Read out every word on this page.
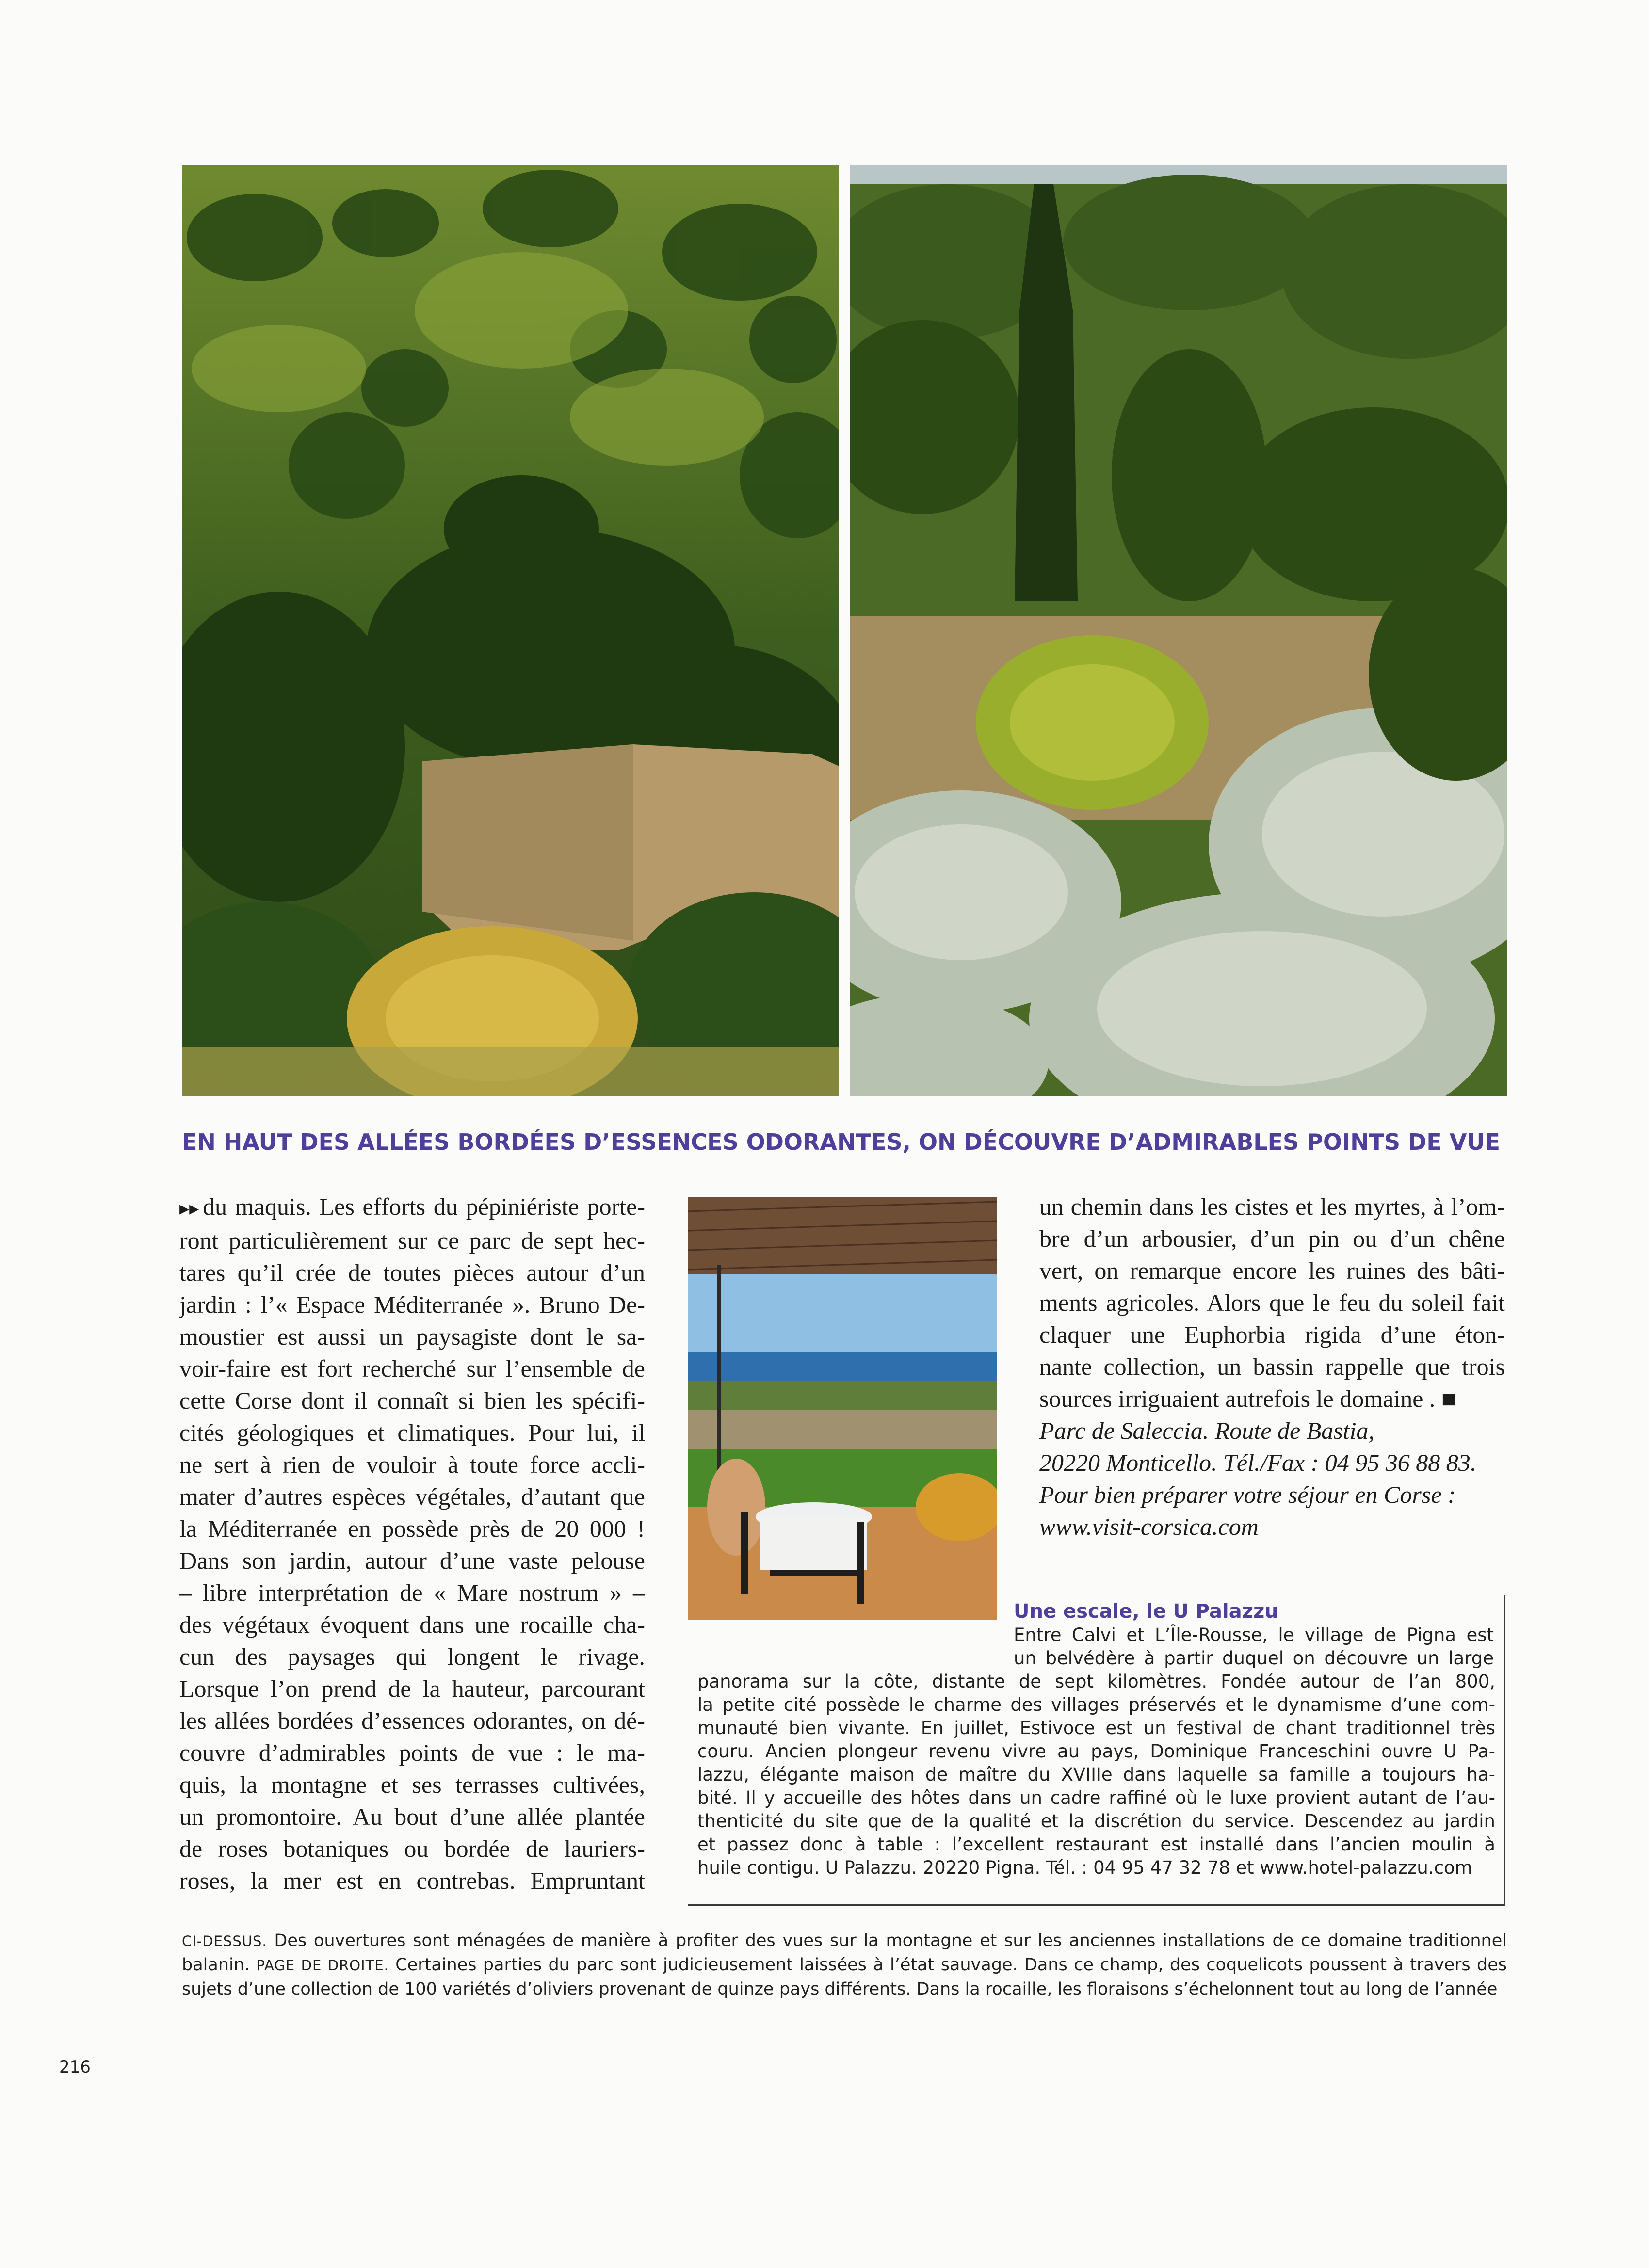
EN HAUT DES ALLÉES BORDÉES D’ESSENCES ODORANTES, ON DÉCOUVRE D’ADMIRABLES POINTS DE VUE
▸▸ du maquis. Les efforts du pépiniériste porte-
ront particulièrement sur ce parc de sept hec-
tares qu’il crée de toutes pièces autour d’un
jardin : l’« Espace Méditerranée ». Bruno De-
moustier est aussi un paysagiste dont le sa-
voir-faire est fort recherché sur l’ensemble de
cette Corse dont il connaît si bien les spécifi-
cités géologiques et climatiques. Pour lui, il
ne sert à rien de vouloir à toute force accli-
mater d’autres espèces végétales, d’autant que
la Méditerranée en possède près de 20 000 !
Dans son jardin, autour d’une vaste pelouse
– libre interprétation de « Mare nostrum » –
des végétaux évoquent dans une rocaille cha-
cun des paysages qui longent le rivage.
Lorsque l’on prend de la hauteur, parcourant
les allées bordées d’essences odorantes, on dé-
couvre d’admirables points de vue : le ma-
quis, la montagne et ses terrasses cultivées,
un promontoire. Au bout d’une allée plantée
de roses botaniques ou bordée de lauriers-
roses, la mer est en contrebas. Empruntant
un chemin dans les cistes et les myrtes, à l’om-
bre d’un arbousier, d’un pin ou d’un chêne
vert, on remarque encore les ruines des bâti-
ments agricoles. Alors que le feu du soleil fait
claquer une Euphorbia rigida d’une éton-
nante collection, un bassin rappelle que trois
sources irriguaient autrefois le domaine . ■
Parc de Saleccia. Route de Bastia,
20220 Monticello. Tél./Fax : 04 95 36 88 83.
Pour bien préparer votre séjour en Corse :
www.visit-corsica.com
Une escale, le U Palazzu
Entre Calvi et L’Île-Rousse, le village de Pigna est
un belvédère à partir duquel on découvre un large
panorama sur la côte, distante de sept kilomètres. Fondée autour de l’an 800,
la petite cité possède le charme des villages préservés et le dynamisme d’une com-
munauté bien vivante. En juillet, Estivoce est un festival de chant traditionnel très
couru. Ancien plongeur revenu vivre au pays, Dominique Franceschini ouvre U Pa-
lazzu, élégante maison de maître du XVIIIe dans laquelle sa famille a toujours ha-
bité. Il y accueille des hôtes dans un cadre raffiné où le luxe provient autant de l’au-
thenticité du site que de la qualité et la discrétion du service. Descendez au jardin
et passez donc à table : l’excellent restaurant est installé dans l’ancien moulin à
huile contigu. U Palazzu. 20220 Pigna. Tél. : 04 95 47 32 78 et www.hotel-palazzu.com
CI-DESSUS. Des ouvertures sont ménagées de manière à profiter des vues sur la montagne et sur les anciennes installations de ce domaine traditionnel
balanin. PAGE DE DROITE. Certaines parties du parc sont judicieusement laissées à l’état sauvage. Dans ce champ, des coquelicots poussent à travers des
sujets d’une collection de 100 variétés d’oliviers provenant de quinze pays différents. Dans la rocaille, les floraisons s’échelonnent tout au long de l’année
216
